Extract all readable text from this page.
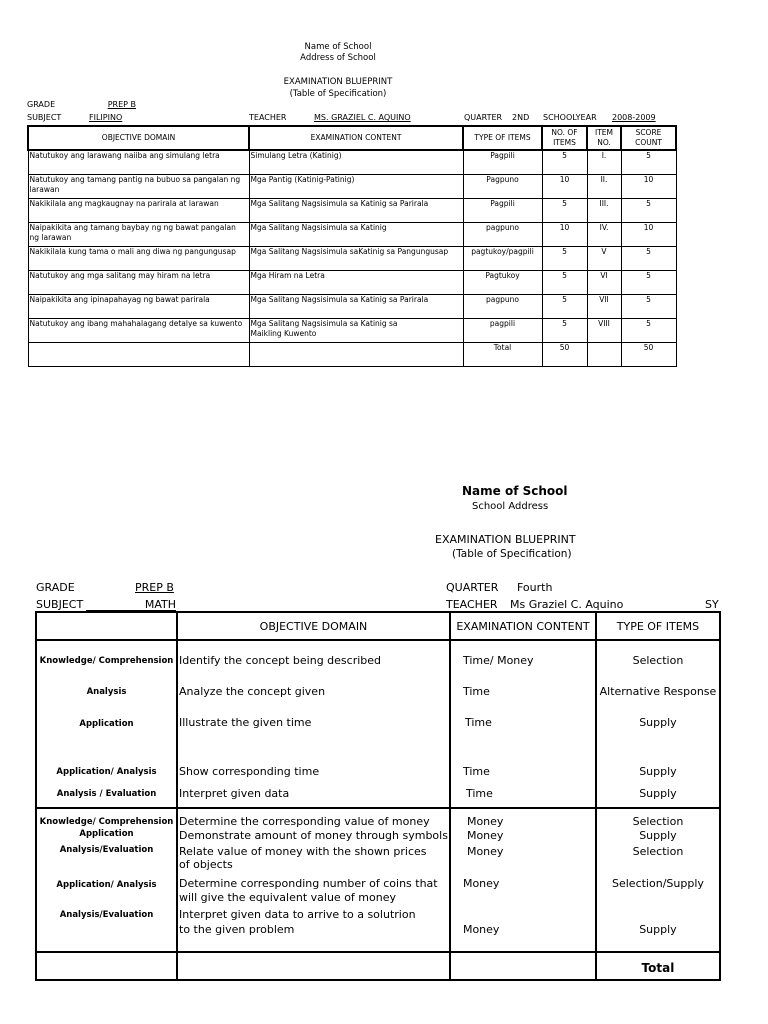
Name of School
Address of School
EXAMINATION BLUEPRINT
(Table of Specification)
GRADE	PREP B
SUBJECT	FILIPINO	TEACHER	MS. GRAZIEL C. AQUINO	QUARTER 2ND SCHOOLYEAR	2008-2009
OBJECTIVE DOMAIN	EXAMINATION CONTENT	TYPE OF ITEMS	NO. OF ITEMS	ITEM NO.	SCORE COUNT
Natutukoy ang larawang naiiba ang simulang letra	Simulang Letra (Katinig)	Pagpili	5	I.	5
Natutukoy ang tamang pantig na bubuo sa pangalan ng larawan	Mga Pantig (Katinig-Patinig)	Pagpuno	10	II.	10
Nakikilala ang magkaugnay na parirala at larawan	Mga Salitang Nagsisimula sa Katinig sa Parirala	Pagpili	5	III.	5
Naipakikita ang tamang baybay ng ng bawat pangalan ng larawan	Mga Salitang Nagsisimula sa Katinig	pagpuno	10	IV.	10
Nakikilala kung tama o mali ang diwa ng pangungusap	Mga Salitang Nagsisimula saKatinig sa Pangungusap	pagtukoy/pagpili	5	V	5
Natutukoy ang mga salitang may hiram na letra	Mga Hiram na Letra	Pagtukoy	5	VI	5
Naipakikita ang ipinapahayag ng bawat parirala	Mga Salitang Nagsisimula sa Katinig sa Parirala	pagpuno	5	VII	5
Natutukoy ang ibang mahahalagang detalye sa kuwento	Mga Salitang Nagsisimula sa Katinig sa Maikling Kuwento	pagpili	5	VIII	5
		Total	50		50
Name of School
School Address
EXAMINATION BLUEPRINT
(Table of Specification)
GRADE	PREP B
SUBJECT	MATH
QUARTER Fourth
TEACHER Ms Graziel C. Aquino	SY
	OBJECTIVE DOMAIN	EXAMINATION CONTENT	TYPE OF ITEMS
Knowledge/ Comprehension	Identify the concept being described	Time/ Money	Selection
Analysis	Analyze the concept given	Time	Alternative Response
Application	Illustrate the given time	Time	Supply
Application/ Analysis	Show corresponding time	Time	Supply
Analysis / Evaluation	Interpret given data	Time	Supply
Knowledge/ Comprehension	Determine the corresponding value of money	Money	Selection
Application	Demonstrate amount of money through symbols	Money	Supply
Analysis/Evaluation	Relate value of money with the shown prices of objects	Money	Selection
Application/ Analysis	Determine corresponding number of coins that will give the equivalent value of money	Money	Selection/Supply
Analysis/Evaluation	Interpret given data to arrive to a solutrion to the given problem	Money	Supply
			Total
